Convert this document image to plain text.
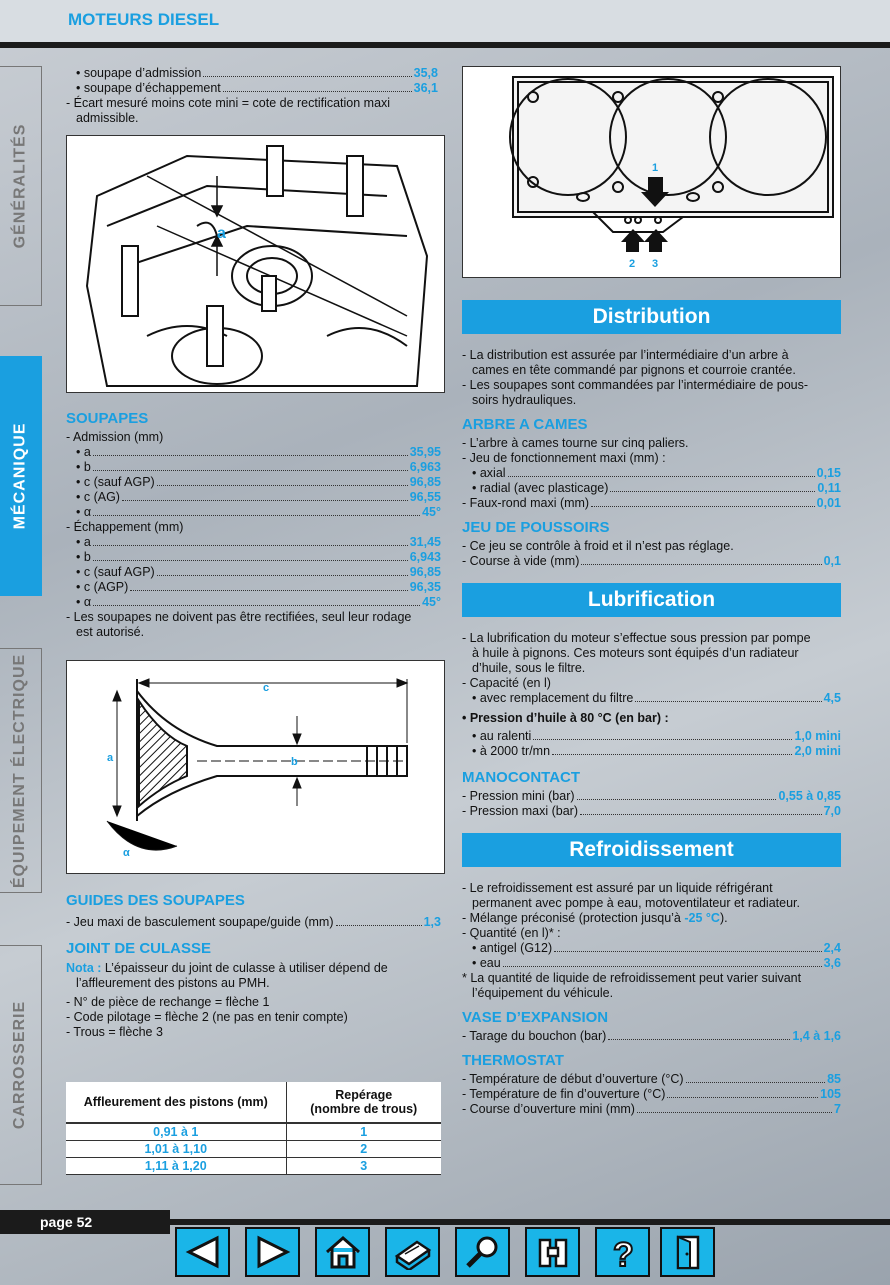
MOTEURS DIESEL
GÉNÉRALITÉS
MÉCANIQUE
ÉQUIPEMENT ÉLECTRIQUE
CARROSSERIE
• soupape d’admission	35,8
• soupape d’échappement	36,1
- Écart mesuré moins cote mini = cote de rectification maxi
admissible.
a
SOUPAPES
- Admission (mm)
• a	35,95
• b	6,963
• c (sauf AGP)	96,85
• c (AG)	96,55
• α	45°
- Échappement (mm)
• a	31,45
• b	6,943
• c (sauf AGP)	96,85
• c (AGP)	96,35
• α	45°
- Les soupapes ne doivent pas être rectifiées, seul leur rodage
est autorisé.
c
a	b
α
GUIDES DES SOUPAPES
- Jeu maxi de basculement soupape/guide (mm)	1,3
JOINT DE CULASSE
Nota : L’épaisseur du joint de culasse à utiliser dépend de
l’affleurement des pistons au PMH.
- N° de pièce de rechange = flèche 1
- Code pilotage = flèche 2 (ne pas en tenir compte)
- Trous = flèche 3
Affleurement des pistons (mm)	Repérage
(nombre de trous)
0,91 à 1	1
1,01 à 1,10	2
1,11 à 1,20	3
1
2 3
Distribution
- La distribution est assurée par l’intermédiaire d’un arbre à
cames en tête commandé par pignons et courroie crantée.
- Les soupapes sont commandées par l’intermédiaire de pous-
soirs hydrauliques.
ARBRE A CAMES
- L’arbre à cames tourne sur cinq paliers.
- Jeu de fonctionnement maxi (mm) :
• axial	0,15
• radial (avec plasticage)	0,11
- Faux-rond maxi (mm)	0,01
JEU DE POUSSOIRS
- Ce jeu se contrôle à froid et il n’est pas réglage.
- Course à vide (mm)	0,1
Lubrification
- La lubrification du moteur s’effectue sous pression par pompe
à huile à pignons. Ces moteurs sont équipés d’un radiateur
d’huile, sous le filtre.
- Capacité (en l)
• avec remplacement du filtre	4,5
• Pression d’huile à 80 °C (en bar) :
• au ralenti	1,0 mini
• à 2000 tr/mn	2,0 mini
MANOCONTACT
- Pression mini (bar)	0,55 à 0,85
- Pression maxi (bar)	7,0
Refroidissement
- Le refroidissement est assuré par un liquide réfrigérant
permanent avec pompe à eau, motoventilateur et radiateur.
- Mélange préconisé (protection jusqu’à -25 °C).
- Quantité (en l)* :
• antigel (G12)	2,4
• eau	3,6
* La quantité de liquide de refroidissement peut varier suivant
l’équipement du véhicule.
VASE D’EXPANSION
- Tarage du bouchon (bar)	1,4 à 1,6
THERMOSTAT
- Température de début d’ouverture (°C)	85
- Température de fin d’ouverture (°C)	105
- Course d’ouverture mini (mm)	7
page 52
?
